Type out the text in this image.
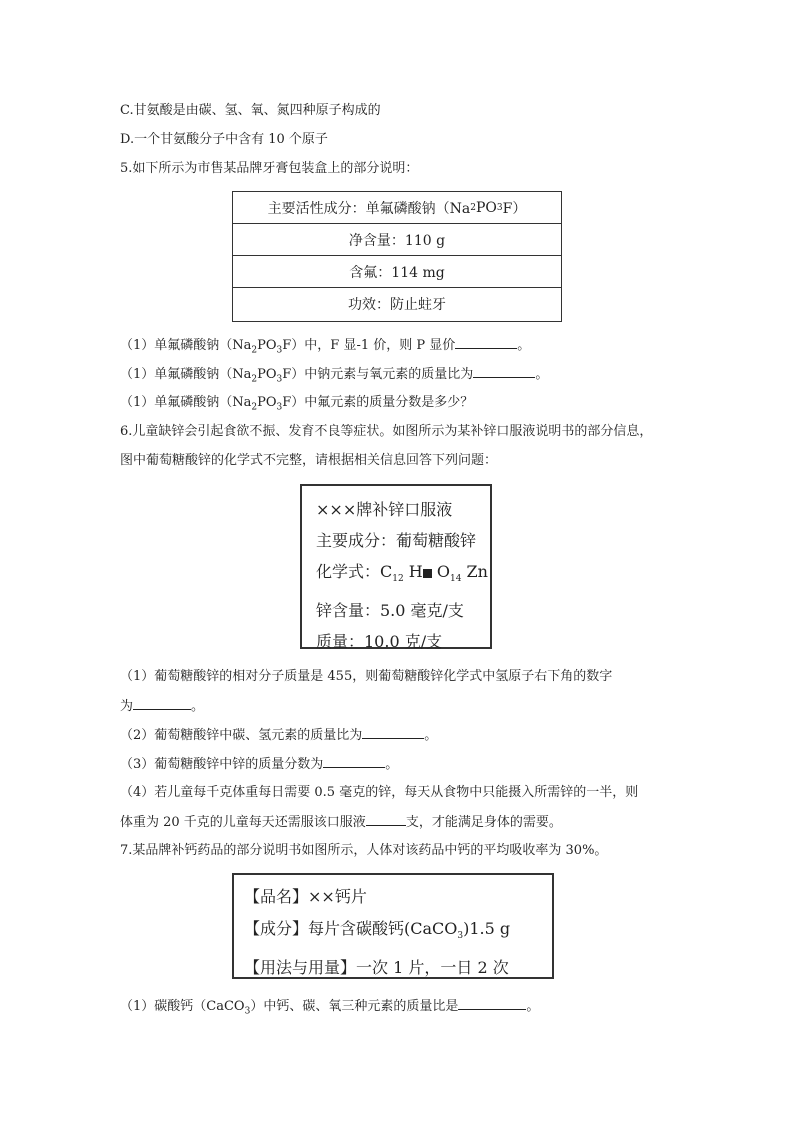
C.甘氨酸是由碳、氢、氧、氮四种原子构成的
D.一个甘氨酸分子中含有 10 个原子
5.如下所示为市售某品牌牙膏包装盒上的部分说明：
主要活性成分：单氟磷酸钠（Na 2 PO 3 F）
净含量：110 g
含氟：114 mg
功效：防止蛀牙
（1）单氟磷酸钠$(Na_2PO_3F)$中，F 显-1 价，则 P 显价	。
（1）单氟磷酸钠$(Na_2PO_3F)$中钠元素与氧元素的质量比为	。
（1）单氟磷酸钠$(Na_2PO_3F)$中氟元素的质量分数是多少？
6.儿童缺锌会引起食欲不振、发育不良等症状。如图所示为某补锌口服液说明书的部分信息，
图中葡萄糖酸锌的化学式不完整，请根据相关信息回答下列问题：
×××牌补锌口服液
主要成分：葡萄糖酸锌
化学式：$C_{12}$ H $O_{14}$ Zn
锌含量：5.0 毫克/支
质量：10.0 克/支
（1）葡萄糖酸锌的相对分子质量是 455，则葡萄糖酸锌化学式中氢原子右下角的数字
为	。
（2）葡萄糖酸锌中碳、氢元素的质量比为	。
（3）葡萄糖酸锌中锌的质量分数为	。
（4）若儿童每千克体重每日需要 0.5 毫克的锌，每天从食物中只能摄入所需锌的一半，则
体重为 20 千克的儿童每天还需服该口服液	支，才能满足身体的需要。
7.某品牌补钙药品的部分说明书如图所示，人体对该药品中钙的平均吸收率为 30%。
【品名】××钙片
【成分】每片含碳酸钙(CaCO$_3$)1.5 g
【用法与用量】一次 1 片，一日 2 次
（1）碳酸钙（CaCO$_3$）中钙、碳、氧三种元素的质量比是	。
